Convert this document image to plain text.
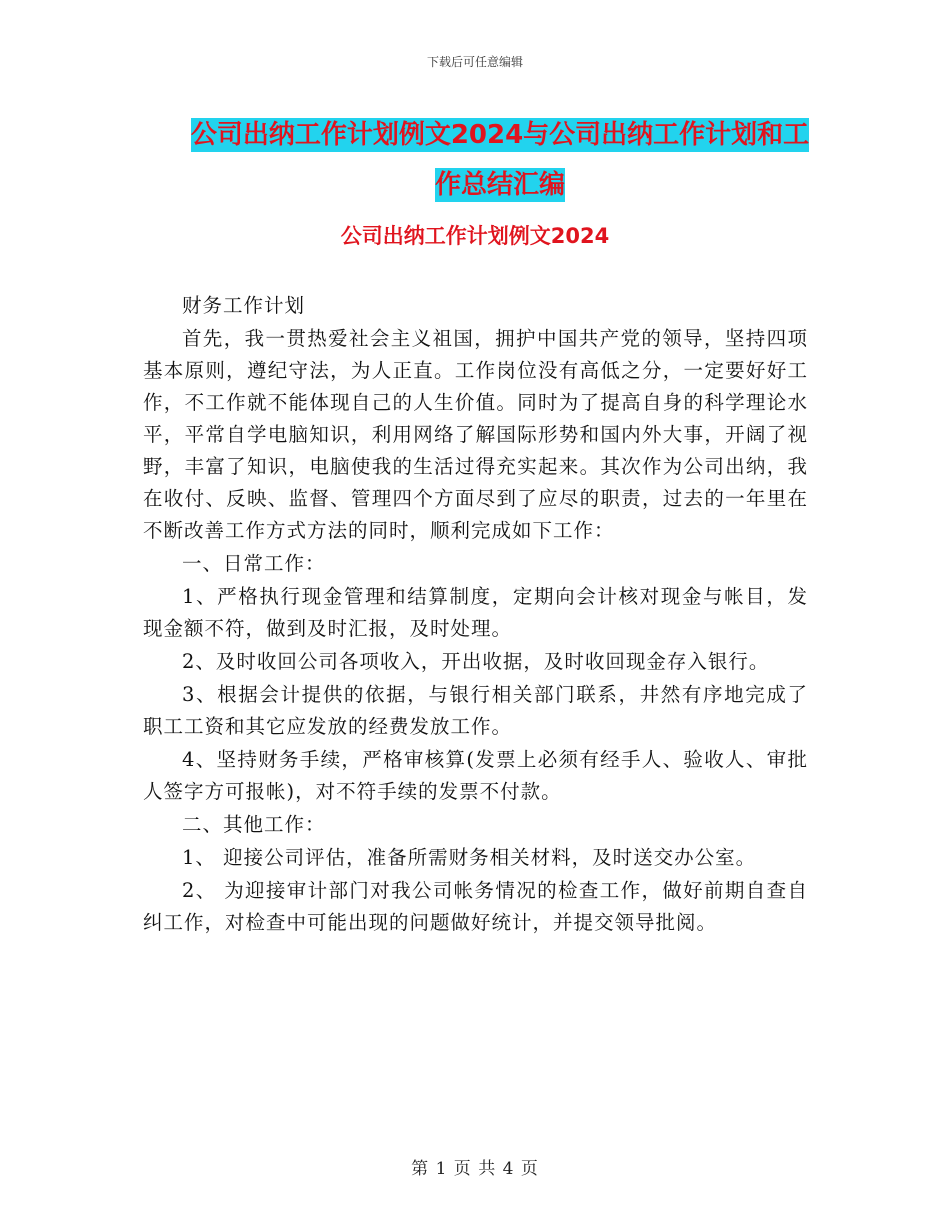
下载后可任意编辑
公司出纳工作计划例文2024与公司出纳工作计划和工
作总结汇编
公司出纳工作计划例文2024

财务工作计划

首先，我一贯热爱社会主义祖国，拥护中国共产党的领导，坚持四项基本原则，遵纪守法，为人正直。工作岗位没有高低之分，一定要好好工作，不工作就不能体现自己的人生价值。同时为了提高自身的科学理论水平，平常自学电脑知识，利用网络了解国际形势和国内外大事，开阔了视野，丰富了知识，电脑使我的生活过得充实起来。其次作为公司出纳，我在收付、反映、监督、管理四个方面尽到了应尽的职责，过去的一年里在不断改善工作方式方法的同时，顺利完成如下工作：

一、日常工作：

1、严格执行现金管理和结算制度，定期向会计核对现金与帐目，发现金额不符，做到及时汇报，及时处理。

2、及时收回公司各项收入，开出收据，及时收回现金存入银行。

3、根据会计提供的依据，与银行相关部门联系，井然有序地完成了职工工资和其它应发放的经费发放工作。

4、坚持财务手续，严格审核算(发票上必须有经手人、验收人、审批人签字方可报帐)，对不符手续的发票不付款。

二、其他工作：

1、 迎接公司评估，准备所需财务相关材料，及时送交办公室。

2、 为迎接审计部门对我公司帐务情况的检查工作，做好前期自查自纠工作，对检查中可能出现的问题做好统计，并提交领导批阅。

第 1 页 共 4 页
